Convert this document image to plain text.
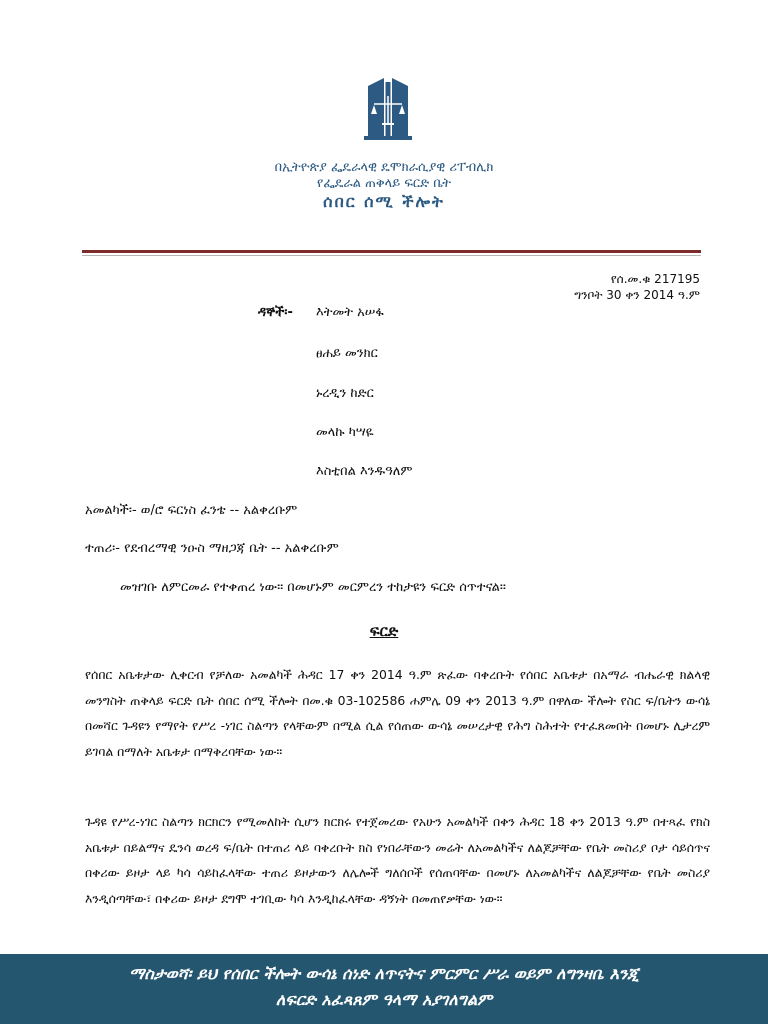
በኢትዮጵያ ፌዴራላዊ ዴሞክራሲያዊ ሪፐብሊክ
የፌዴራል ጠቅላይ ፍርድ ቤት
ሰበር ሰሚ ችሎት
የሰ.መ.ቁ 217195
ግንቦት 30 ቀን 2014 ዓ.ም
ዳኞች፡- እትመት አሠፋ
ፀሐይ መንክር
ኑረዲን ከድር
መላኩ ካሣዬ
እስቲበል እንዱዓለም
አመልካች፡- ወ/ሮ ፍርነስ ፈንቴ -- አልቀረቡም
ተጠሪ፡- የደብረማዊ ንዑስ ማዘጋጃ ቤት -- አልቀረቡም
መዝገቡ ለምርመራ የተቀጠረ ነው። በመሆኑም መርምረን ተከታዩን ፍርድ ሰጥተናል።
ፍርድ

የሰበር አቤቱታው ሊቀርብ የቻለው አመልካች ሕዳር 17 ቀን 2014 ዓ.ም ጽፈው ባቀረቡት የሰበር አቤቱታ በአማራ ብሔራዊ ክልላዊ መንግስት ጠቅላይ ፍርድ ቤት ሰበር ሰሚ ችሎት በመ.ቁ 03-102586 ሐምሌ 09 ቀን 2013 ዓ.ም በዋለው ችሎት የስር ፍ/ቤትን ውሳኔ በመሻር ጉዳዩን የማየት የሥረ -ነገር ስልጣን የላቸውም በሚል ሲል የሰጠው ውሳኔ መሠረታዊ የሕግ ስሕተት የተፈጸመበት በመሆኑ ሊታረም ይገባል በማለት አቤቱታ በማቅረባቸው ነው።

ጉዳዩ የሥረ-ነገር ስልጣን ክርክርን የሚመለከት ሲሆን ክርክሩ የተጀመረው የአሁን አመልካች በቀን ሕዳር 18 ቀን 2013 ዓ.ም በተጻፈ የክስ አቤቱታ በይልማና ዴንሳ ወረዳ ፍ/ቤት በተጠሪ ላይ ባቀረቡት ክስ የነበራቸውን መሬት ለአመልካችና ለልጆቻቸው የቤት መስሪያ ቦታ ሳይሰጥና በቀሪው ይዞታ ላይ ካሳ ሳይከፈላቸው ተጠሪ ይዞታውን ለሌሎች ግለሰቦች የሰጠባቸው በመሆኑ ለአመልካችና ለልጆቻቸው የቤት መስሪያ እንዲሰጣቸው፣ በቀሪው ይዞታ ደግሞ ተገቢው ካሳ እንዲከፈላቸው ዳኝነት በመጠየቃቸው ነው።

ማስታወሻ፡ ይህ የሰበር ችሎት ውሳኔ ሰነድ ለጥናትና ምርምር ሥራ ወይም ለግንዛቤ እንጂ
ለፍርድ አፈጻጸም ዓላማ አያገለግልም
